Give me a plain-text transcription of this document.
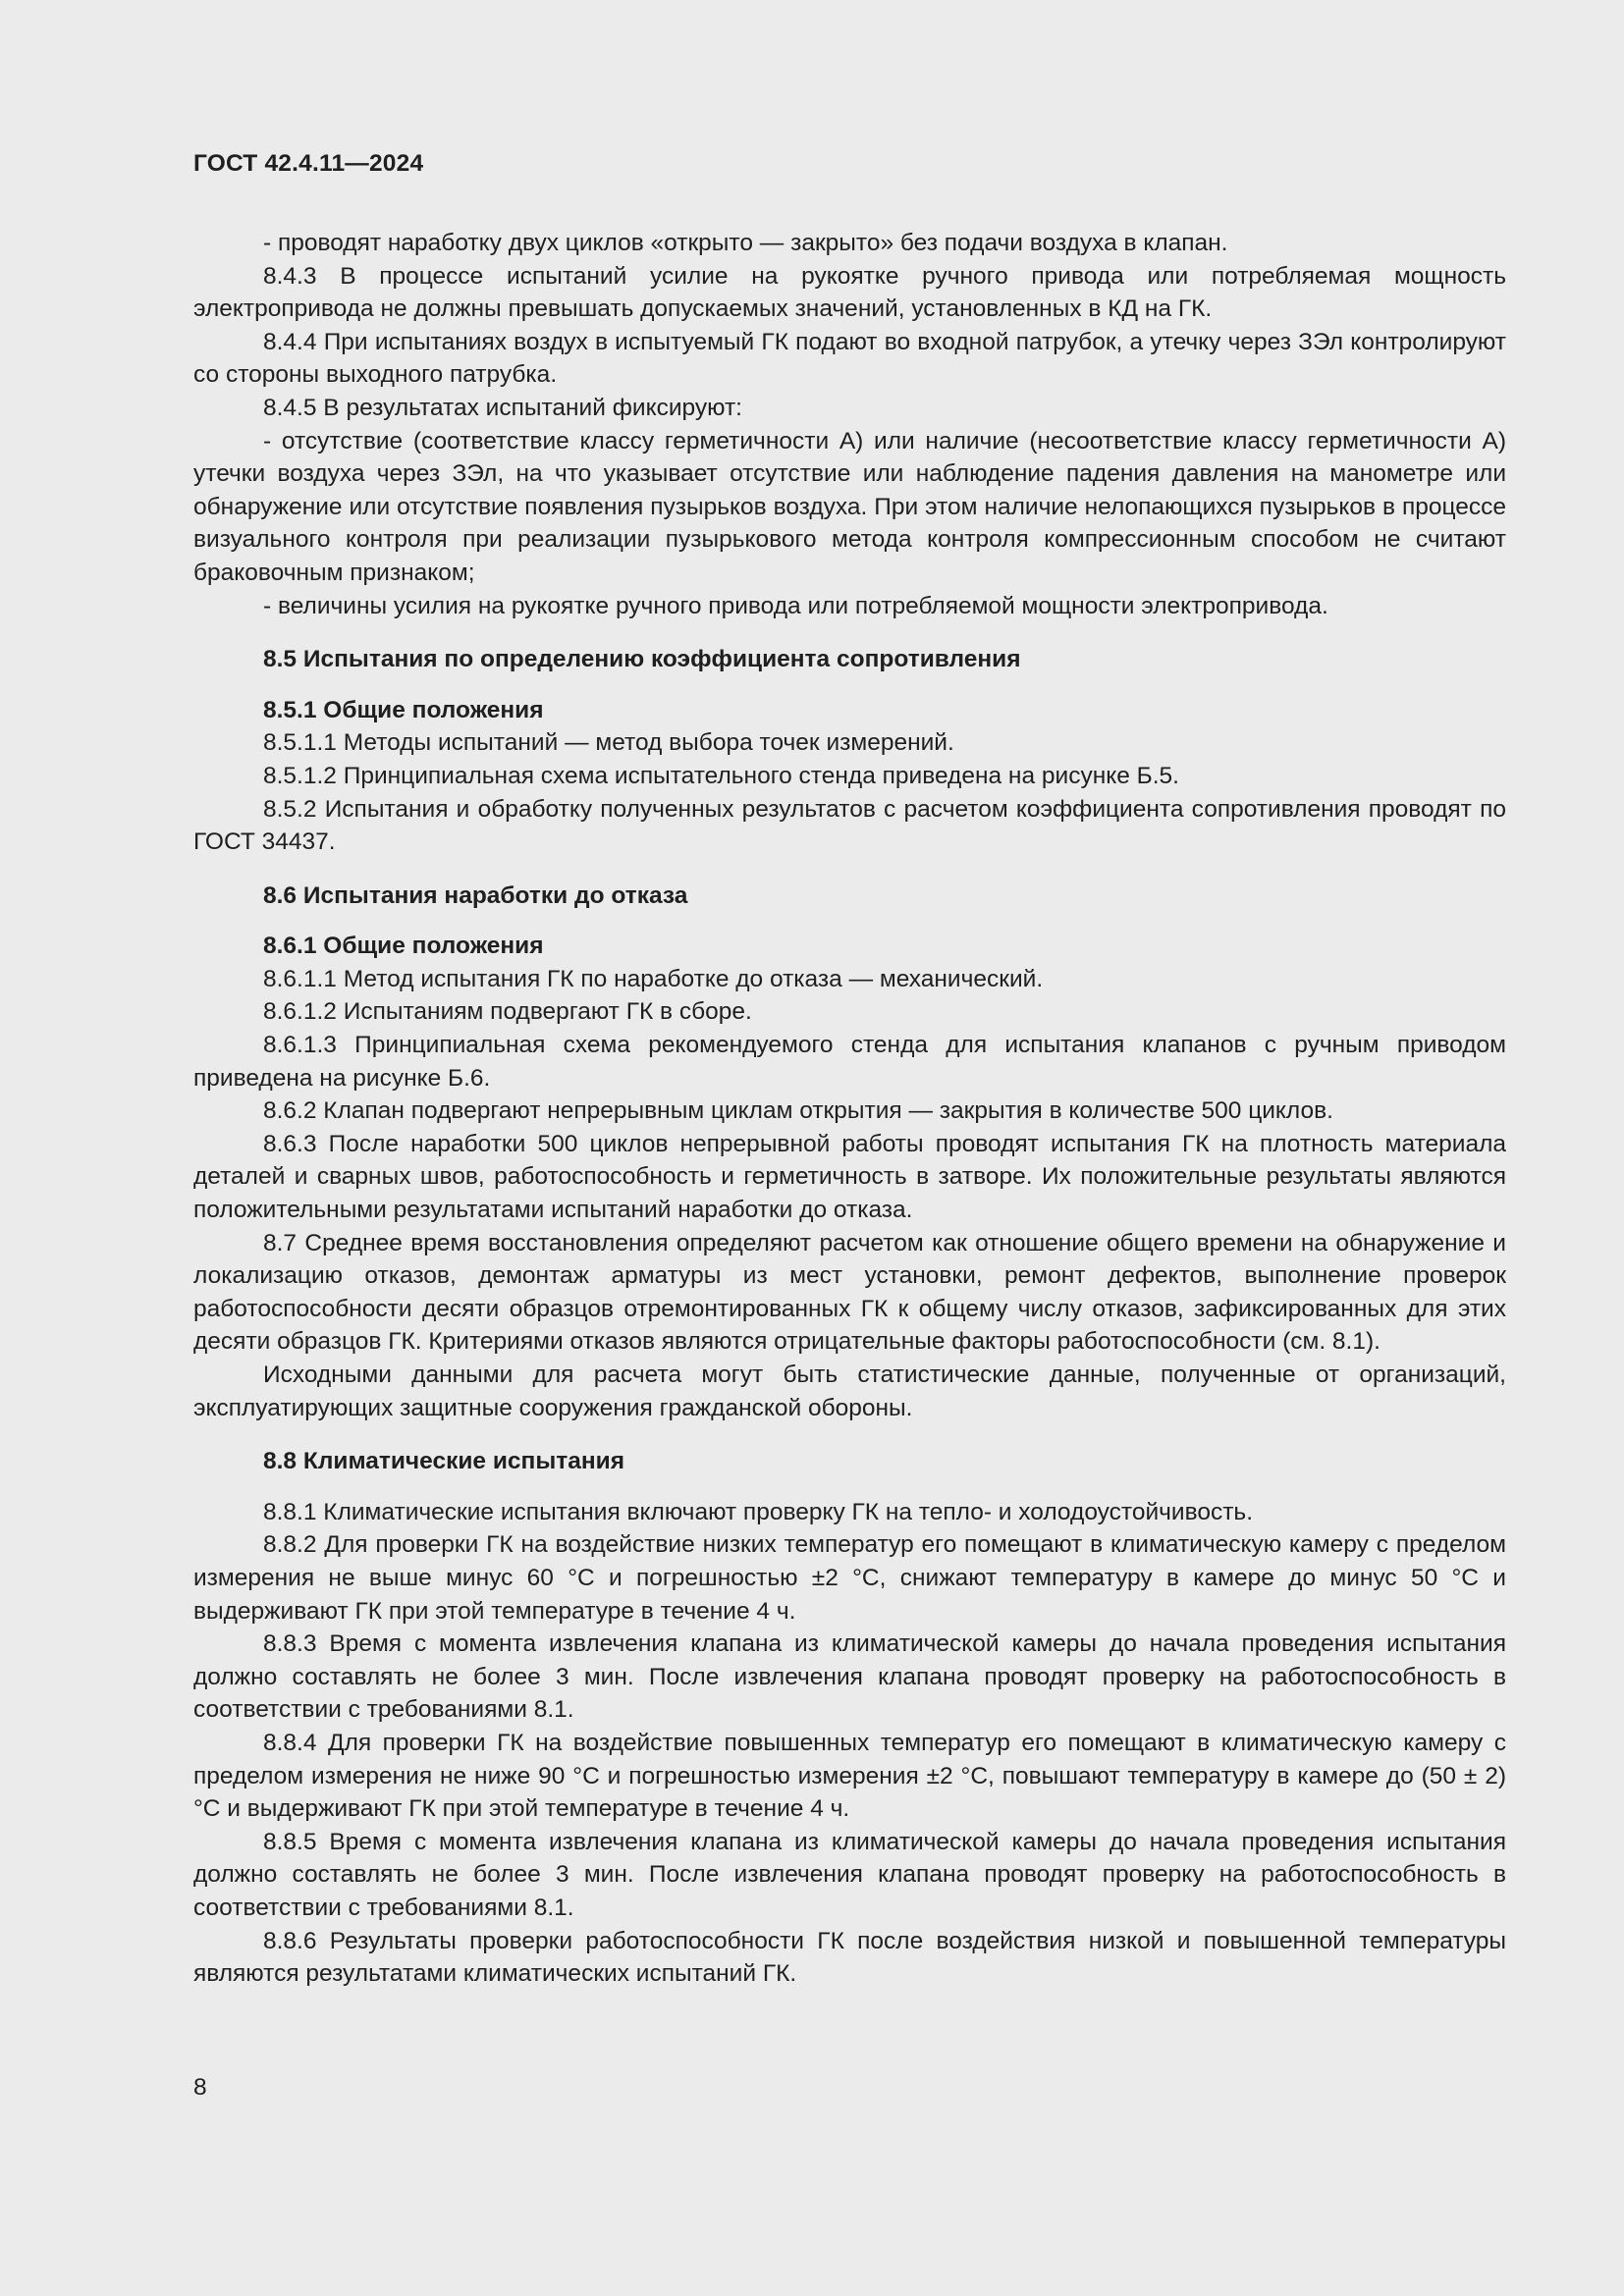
ГОСТ 42.4.11—2024

- проводят наработку двух циклов «открыто — закрыто» без подачи воздуха в клапан.

8.4.3 В процессе испытаний усилие на рукоятке ручного привода или потребляемая мощность электропривода не должны превышать допускаемых значений, установленных в КД на ГК.

8.4.4 При испытаниях воздух в испытуемый ГК подают во входной патрубок, а утечку через ЗЭл контролируют со стороны выходного патрубка.

8.4.5 В результатах испытаний фиксируют:

- отсутствие (соответствие классу герметичности А) или наличие (несоответствие классу герметичности А) утечки воздуха через ЗЭл, на что указывает отсутствие или наблюдение падения давления на манометре или обнаружение или отсутствие появления пузырьков воздуха. При этом наличие нелопающихся пузырьков в процессе визуального контроля при реализации пузырькового метода контроля компрессионным способом не считают браковочным признаком;

- величины усилия на рукоятке ручного привода или потребляемой мощности электропривода.

8.5 Испытания по определению коэффициента сопротивления

8.5.1 Общие положения

8.5.1.1 Методы испытаний — метод выбора точек измерений.

8.5.1.2 Принципиальная схема испытательного стенда приведена на рисунке Б.5.

8.5.2 Испытания и обработку полученных результатов с расчетом коэффициента сопротивления проводят по ГОСТ 34437.

8.6 Испытания наработки до отказа

8.6.1 Общие положения

8.6.1.1 Метод испытания ГК по наработке до отказа — механический.

8.6.1.2 Испытаниям подвергают ГК в сборе.

8.6.1.3 Принципиальная схема рекомендуемого стенда для испытания клапанов с ручным приводом приведена на рисунке Б.6.

8.6.2 Клапан подвергают непрерывным циклам открытия — закрытия в количестве 500 циклов.

8.6.3 После наработки 500 циклов непрерывной работы проводят испытания ГК на плотность материала деталей и сварных швов, работоспособность и герметичность в затворе. Их положительные результаты являются положительными результатами испытаний наработки до отказа.

8.7 Среднее время восстановления определяют расчетом как отношение общего времени на обнаружение и локализацию отказов, демонтаж арматуры из мест установки, ремонт дефектов, выполнение проверок работоспособности десяти образцов отремонтированных ГК к общему числу отказов, зафиксированных для этих десяти образцов ГК. Критериями отказов являются отрицательные факторы работоспособности (см. 8.1).

Исходными данными для расчета могут быть статистические данные, полученные от организаций, эксплуатирующих защитные сооружения гражданской обороны.

8.8 Климатические испытания

8.8.1 Климатические испытания включают проверку ГК на тепло- и холодоустойчивость.

8.8.2 Для проверки ГК на воздействие низких температур его помещают в климатическую камеру с пределом измерения не выше минус 60 °С и погрешностью ±2 °С, снижают температуру в камере до минус 50 °С и выдерживают ГК при этой температуре в течение 4 ч.

8.8.3 Время с момента извлечения клапана из климатической камеры до начала проведения испытания должно составлять не более 3 мин. После извлечения клапана проводят проверку на работоспособность в соответствии с требованиями 8.1.

8.8.4 Для проверки ГК на воздействие повышенных температур его помещают в климатическую камеру с пределом измерения не ниже 90 °С и погрешностью измерения ±2 °С, повышают температуру в камере до (50 ± 2) °С и выдерживают ГК при этой температуре в течение 4 ч.

8.8.5 Время с момента извлечения клапана из климатической камеры до начала проведения испытания должно составлять не более 3 мин. После извлечения клапана проводят проверку на работоспособность в соответствии с требованиями 8.1.

8.8.6 Результаты проверки работоспособности ГК после воздействия низкой и повышенной температуры являются результатами климатических испытаний ГК.

8
